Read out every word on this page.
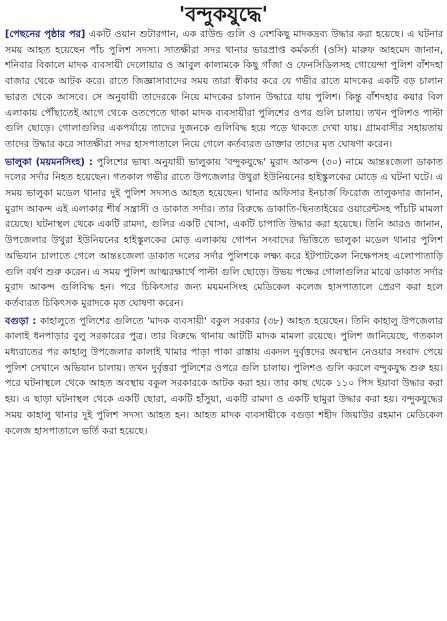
'বন্দুকযুদ্ধে'

[পেছনের পৃষ্ঠার পর] একটি ওয়ান শুটারগান, এক রাউন্ড গুলি ও বেশকিছু মাদকদ্রব্য উদ্ধার করা হয়েছে। এ ঘটনার সময় আহত হয়েছেন পাঁচ পুলিশ সদস্য। সাতক্ষীরা সদর থানার ভারপ্রাপ্ত কর্মকর্তা (ওসি) মারুফ আহমেদ জানান, শনিবার বিকালে মাদক ব্যবসায়ী দেলোয়ার ও আবুল কালামকে কিছু গাঁজা ও ফেনসিডিলসহ গোয়েন্দা পুলিশ বাঁশদহা বাজার থেকে আটক করে। রাতে জিজ্ঞাসাবাদের সময় তারা স্বীকার করে যে গভীর রাতে মাদকের একটি বড় চালান ভারত থেকে আসবে। সে অনুযায়ী তাদেরকে নিয়ে মাদকের চালান উদ্ধারে যায় পুলিশ। কিন্তু বাঁশদহার কয়ার বিল এলাকায় পৌঁছাতেই আগে থেকে ওতপেতে থাকা মাদক ব্যবসায়ীরা পুলিশের ওপর গুলি চালায়। তখন পুলিশও পাল্টা গুলি ছোড়ে। গোলাগুলির একপর্যায়ে তাদের দুজনকে গুলিবিদ্ধ হয়ে পড়ে থাকতে দেখা যায়। গ্রামবাসীর সহায়তায় তাদের উদ্ধার করে সাতক্ষীরা সদর হাসপাতালে নিয়ে গেলে কর্তব্যরত ডাক্তার তাদের মৃত ঘোষণা করেন।

ভালুকা (ময়মনসিংহ) : পুলিশের ভাষ্য অনুযায়ী ভালুকায় 'বন্দুকযুদ্ধে' মুরাদ আকন্দ (৩০) নামে আন্তঃজেলা ডাকাত দলের সর্দার নিহত হয়েছেন। গতকাল গভীর রাতে উপজেলার উথুরা ইউনিয়নের হাইস্কুলকের মোড়ে এ ঘটনা ঘটে। এ সময় ভালুকা মডেল থানার দুই পুলিশ সদস্যও আহত হয়েছেন। থানার অফিসার ইনচার্জ ফিরোজ তালুকদার জানান, মুরাদ আকন্দ এই এলাকার শীর্ষ সন্ত্রাসী ও ডাকাত সর্দার। তার বিরুদ্ধে ডাকাতি-ছিনতাইয়ের ওয়ারেন্টসহ পাঁচটি মামলা রয়েছে। ঘটনাস্থল থেকে একটি রামদা, গুলির একটি খোসা, একটি চাপাতি উদ্ধার করা হয়েছে। তিনি আরও জানান, উপজেলার উথুরা ইউনিয়নের হাইস্কুলকের মোড় এলাকায় গোপন সংবাদের ভিত্তিতে ভালুকা মডেল থানার পুলিশ অভিযান চালাতে গেলে আন্তঃজেলা ডাকাত দলের সর্দার পুলিশকে লক্ষ্য করে ইটপাটকেল নিক্ষেপসহ এলোপাতাড়ি গুলি বর্ষণ শুরু করেন। এ সময় পুলিশ আত্মরক্ষার্থে পাল্টা গুলি ছোড়ে। উভয় পক্ষের গোলাগুলির মাঝে ডাকাত সর্দার মুরাদ আকন্দ গুলিবিদ্ধ হন। পরে চিকিৎসার জন্য ময়মনসিংহ মেডিকেল কলেজ হাসপাতালে প্রেরণ করা হলে কর্তব্যরত চিকিৎসক মুরাদকে মৃত ঘোষণা করেন।

বগুড়া : কাহালুতে পুলিশের গুলিতে 'মাদক ব্যবসায়ী' বকুল সরকার (৩৮) আহত হয়েছেন। তিনি কাহালু উপজেলার কালাই ধনপাড়ার বুলু সরকারের পুত্র। তার বিরুদ্ধে থানায় আটটি মাদক মামলা রয়েছে। পুলিশ জানিয়েছে, গতকাল মধ্যরাতের পর কাহালু উপজেলার কালাই খামার পাড়া পাকা রাস্তায় একদল দুর্বৃত্তদের অবস্থান নেওয়ার সংবাদ পেয়ে পুলিশ সেখানে অভিযান চালায়। তখন দুর্বৃত্তরা পুলিশের ওপরে গুলি চালায়। পুলিশও গুলি করলে বন্দুকযুদ্ধ শুরু হয়। পরে ঘটনাস্থলে থেকে আহত অবস্থায় বকুল সরকারকে আটক করা হয়। তার কাছ থেকে ১১০ পিস ইয়াবা উদ্ধার করা হয়। এ ছাড়া ঘটনাস্থল থেকে একটি ছোরা, একটি হাঁসুয়া, একটি রামদা ও একটি ছামুরা উদ্ধার করা হয়। বন্দুকযুদ্ধের সময় কাহালু থানার দুই পুলিশ সদস্য আহত হন। আহত মাদক ব্যবসায়ীকে বগুড়া শহীদ জিয়াউর রহমান মেডিকেল কলেজ হাসপাতালে ভর্তি করা হয়েছে।
